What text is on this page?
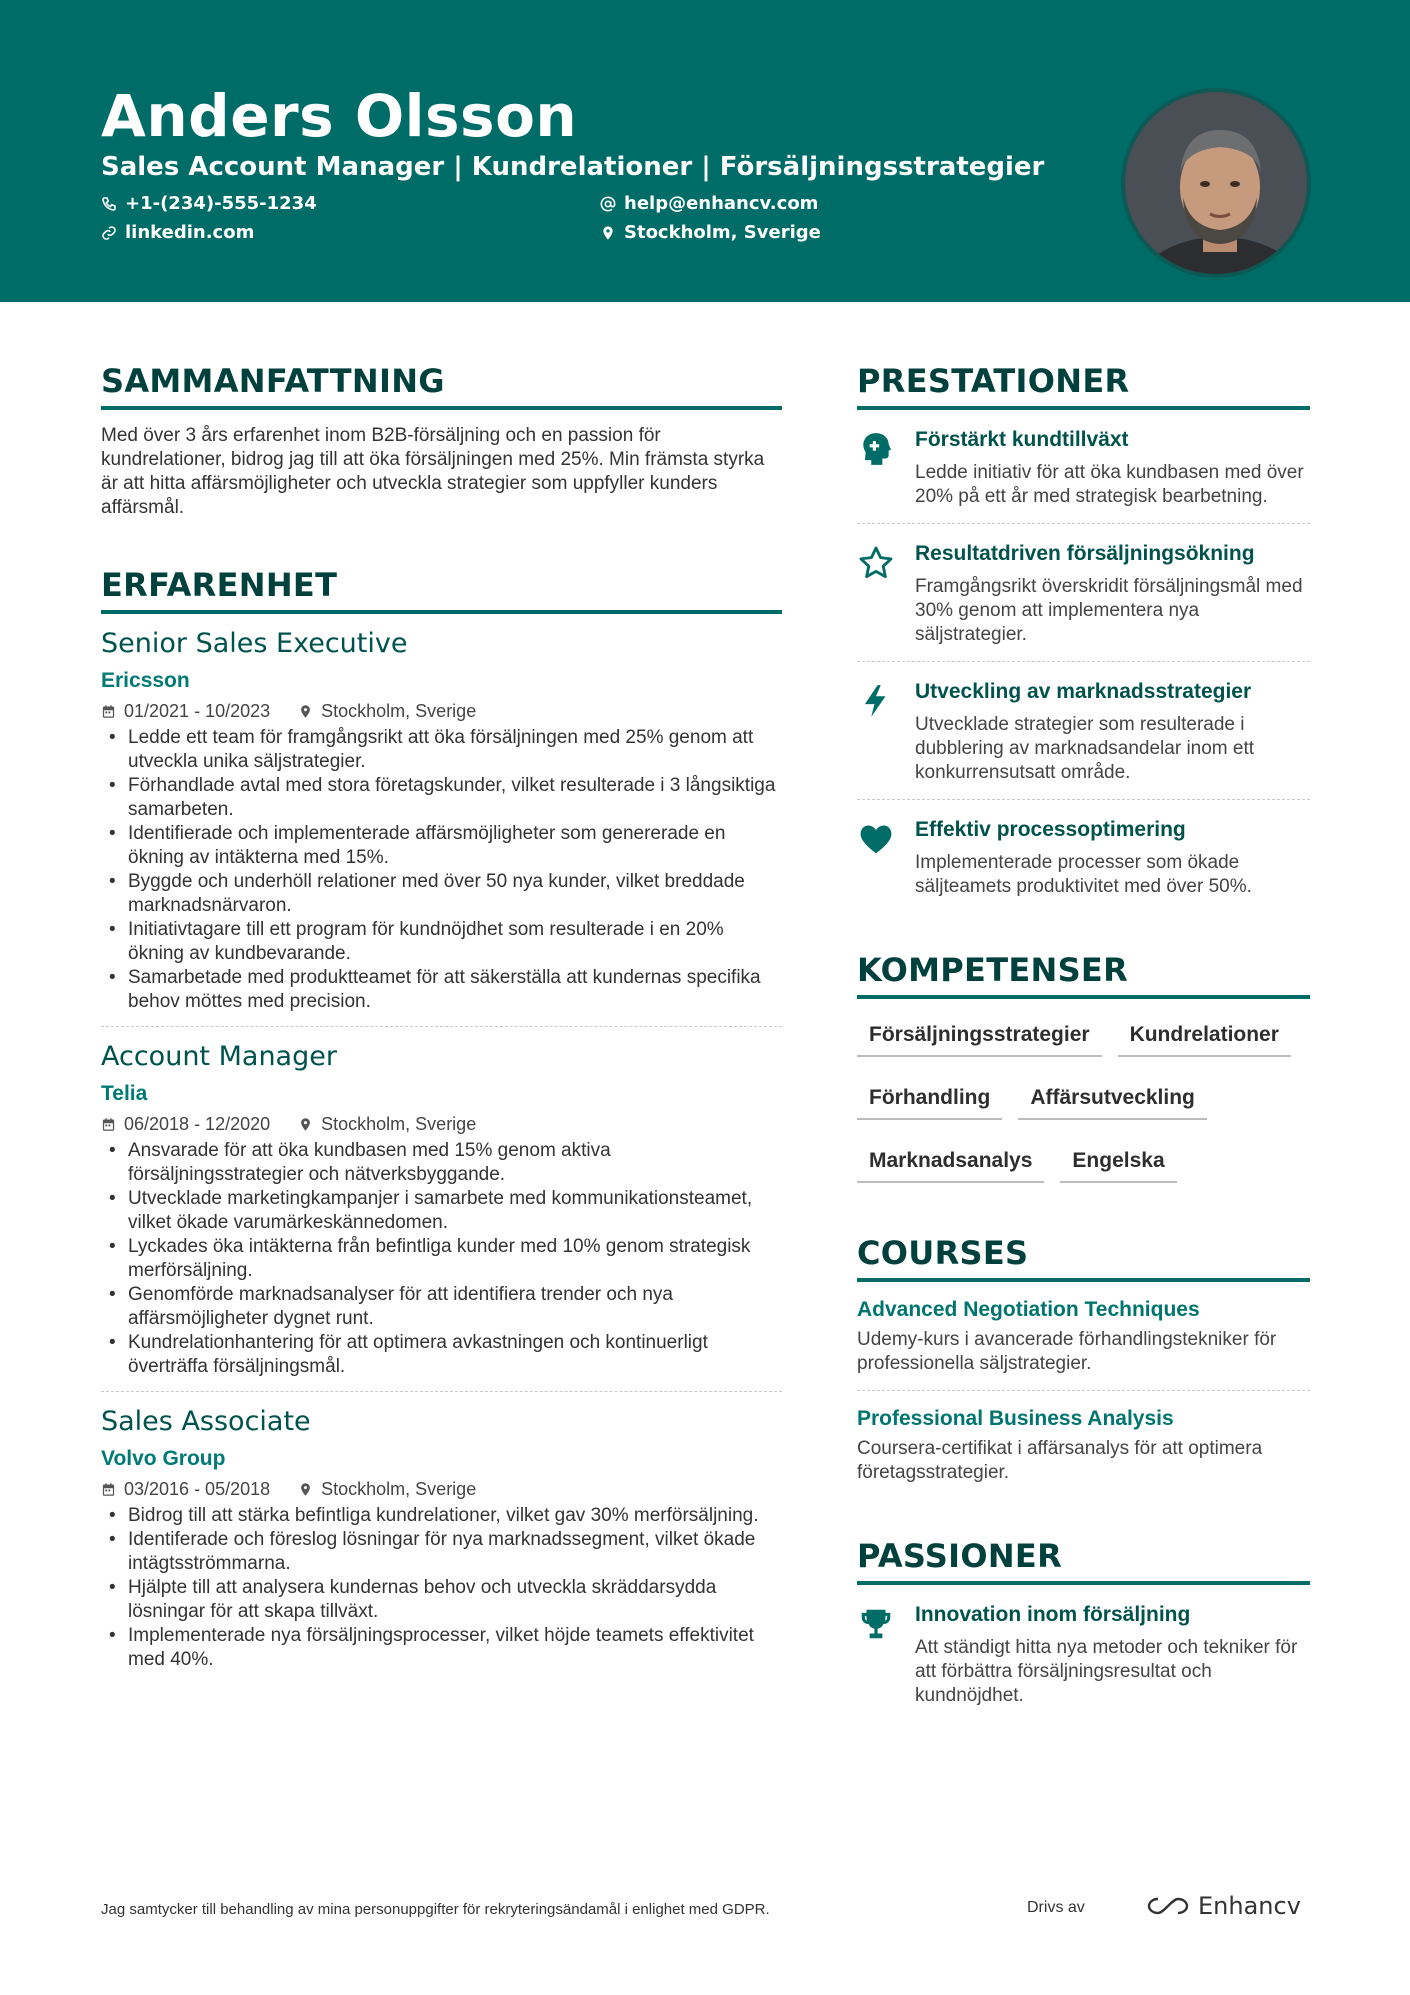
Anders Olsson
Sales Account Manager | Kundrelationer | Försäljningsstrategier
+1-(234)-555-1234	help@enhancv.com
linkedin.com	Stockholm, Sverige
SAMMANFATTNING
Med över 3 års erfarenhet inom B2B-försäljning och en passion för kundrelationer, bidrog jag till att öka försäljningen med 25%. Min främsta styrka är att hitta affärsmöjligheter och utveckla strategier som uppfyller kunders affärsmål.
ERFARENHET
Senior Sales Executive
Ericsson
01/2021 - 10/2023	Stockholm, Sverige
• Ledde ett team för framgångsrikt att öka försäljningen med 25% genom att utveckla unika säljstrategier.
• Förhandlade avtal med stora företagskunder, vilket resulterade i 3 långsiktiga samarbeten.
• Identifierade och implementerade affärsmöjligheter som genererade en ökning av intäkterna med 15%.
• Byggde och underhöll relationer med över 50 nya kunder, vilket breddade marknadsnärvaron.
• Initiativtagare till ett program för kundnöjdhet som resulterade i en 20% ökning av kundbevarande.
• Samarbetade med produktteamet för att säkerställa att kundernas specifika behov möttes med precision.
Account Manager
Telia
06/2018 - 12/2020	Stockholm, Sverige
• Ansvarade för att öka kundbasen med 15% genom aktiva försäljningsstrategier och nätverksbyggande.
• Utvecklade marketingkampanjer i samarbete med kommunikationsteamet, vilket ökade varumärkeskännedomen.
• Lyckades öka intäkterna från befintliga kunder med 10% genom strategisk merförsäljning.
• Genomförde marknadsanalyser för att identifiera trender och nya affärsmöjligheter dygnet runt.
• Kundrelationhantering för att optimera avkastningen och kontinuerligt överträffa försäljningsmål.
Sales Associate
Volvo Group
03/2016 - 05/2018	Stockholm, Sverige
• Bidrog till att stärka befintliga kundrelationer, vilket gav 30% merförsäljning.
• Identiferade och föreslog lösningar för nya marknadssegment, vilket ökade intägtsströmmarna.
• Hjälpte till att analysera kundernas behov och utveckla skräddarsydda lösningar för att skapa tillväxt.
• Implementerade nya försäljningsprocesser, vilket höjde teamets effektivitet med 40%.
PRESTATIONER
Förstärkt kundtillväxt
Ledde initiativ för att öka kundbasen med över 20% på ett år med strategisk bearbetning.
Resultatdriven försäljningsökning
Framgångsrikt överskridit försäljningsmål med 30% genom att implementera nya säljstrategier.
Utveckling av marknadsstrategier
Utvecklade strategier som resulterade i dubblering av marknadsandelar inom ett konkurrensutsatt område.
Effektiv processoptimering
Implementerade processer som ökade säljteamets produktivitet med över 50%.
KOMPETENSER
Försäljningsstrategier	Kundrelationer
Förhandling	Affärsutveckling
Marknadsanalys	Engelska
COURSES
Advanced Negotiation Techniques
Udemy-kurs i avancerade förhandlingstekniker för professionella säljstrategier.
Professional Business Analysis
Coursera-certifikat i affärsanalys för att optimera företagsstrategier.
PASSIONER
Innovation inom försäljning
Att ständigt hitta nya metoder och tekniker för att förbättra försäljningsresultat och kundnöjdhet.
Jag samtycker till behandling av mina personuppgifter för rekryteringsändamål i enlighet med GDPR.	Drivs av	Enhancv
